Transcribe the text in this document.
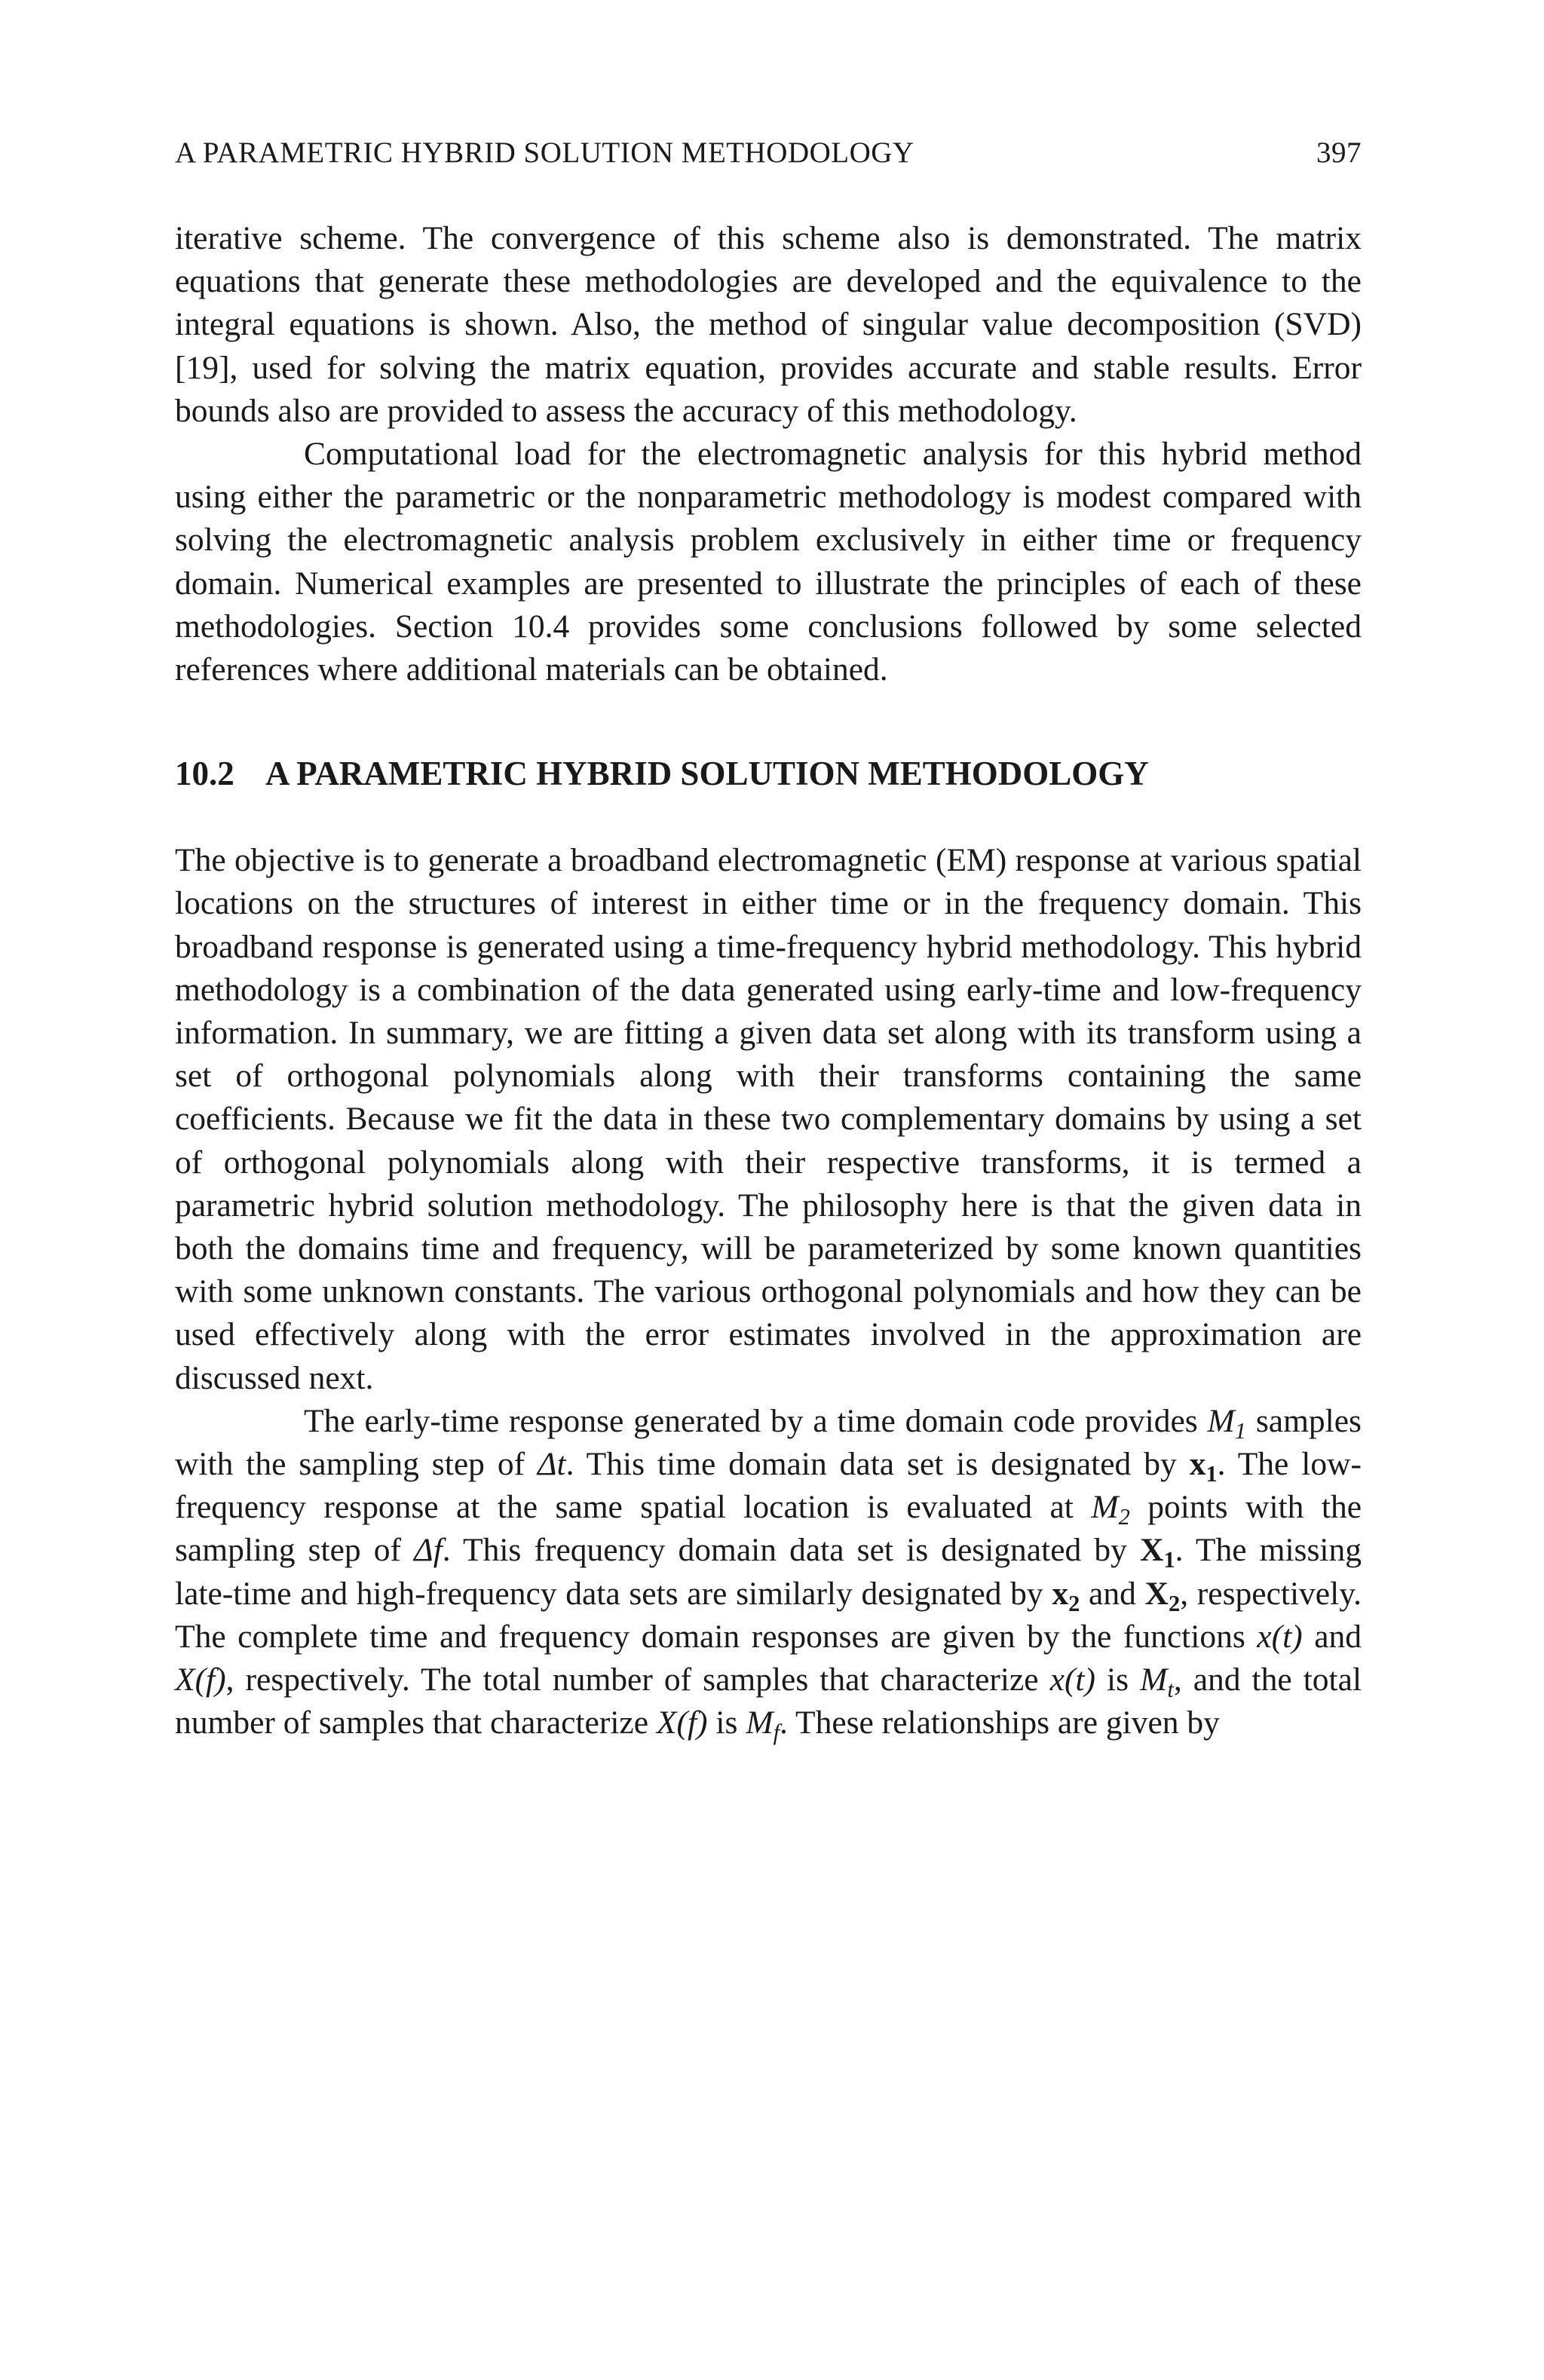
A PARAMETRIC HYBRID SOLUTION METHODOLOGY	397

iterative scheme. The convergence of this scheme also is demonstrated. The matrix equations that generate these methodologies are developed and the equivalence to the integral equations is shown. Also, the method of singular value decomposition (SVD) [19], used for solving the matrix equation, provides accurate and stable results. Error bounds also are provided to assess the accuracy of this methodology.

Computational load for the electromagnetic analysis for this hybrid method using either the parametric or the nonparametric methodology is modest compared with solving the electromagnetic analysis problem exclusively in either time or frequency domain. Numerical examples are presented to illustrate the principles of each of these methodologies. Section 10.4 provides some conclusions followed by some selected references where additional materials can be obtained.

10.2 A PARAMETRIC HYBRID SOLUTION METHODOLOGY

The objective is to generate a broadband electromagnetic (EM) response at various spatial locations on the structures of interest in either time or in the frequency domain. This broadband response is generated using a time-frequency hybrid methodology. This hybrid methodology is a combination of the data generated using early-time and low-frequency information. In summary, we are fitting a given data set along with its transform using a set of orthogonal polynomials along with their transforms containing the same coefficients. Because we fit the data in these two complementary domains by using a set of orthogonal polynomials along with their respective transforms, it is termed a parametric hybrid solution methodology. The philosophy here is that the given data in both the domains time and frequency, will be parameterized by some known quantities with some unknown constants. The various orthogonal polynomials and how they can be used effectively along with the error estimates involved in the approximation are discussed next.

The early-time response generated by a time domain code provides $M_1$ samples with the sampling step of Δt. This time domain data set is designated by $x_1$. The low-frequency response at the same spatial location is evaluated at $M_2$ points with the sampling step of Δf. This frequency domain data set is designated by $X_1$. The missing late-time and high-frequency data sets are similarly designated by $x_2$ and $X_2$, respectively. The complete time and frequency domain responses are given by the functions x(t) and X(f), respectively. The total number of samples that characterize x(t) is $M_t$, and the total number of samples that characterize X(f) is $M_f$. These relationships are given by
